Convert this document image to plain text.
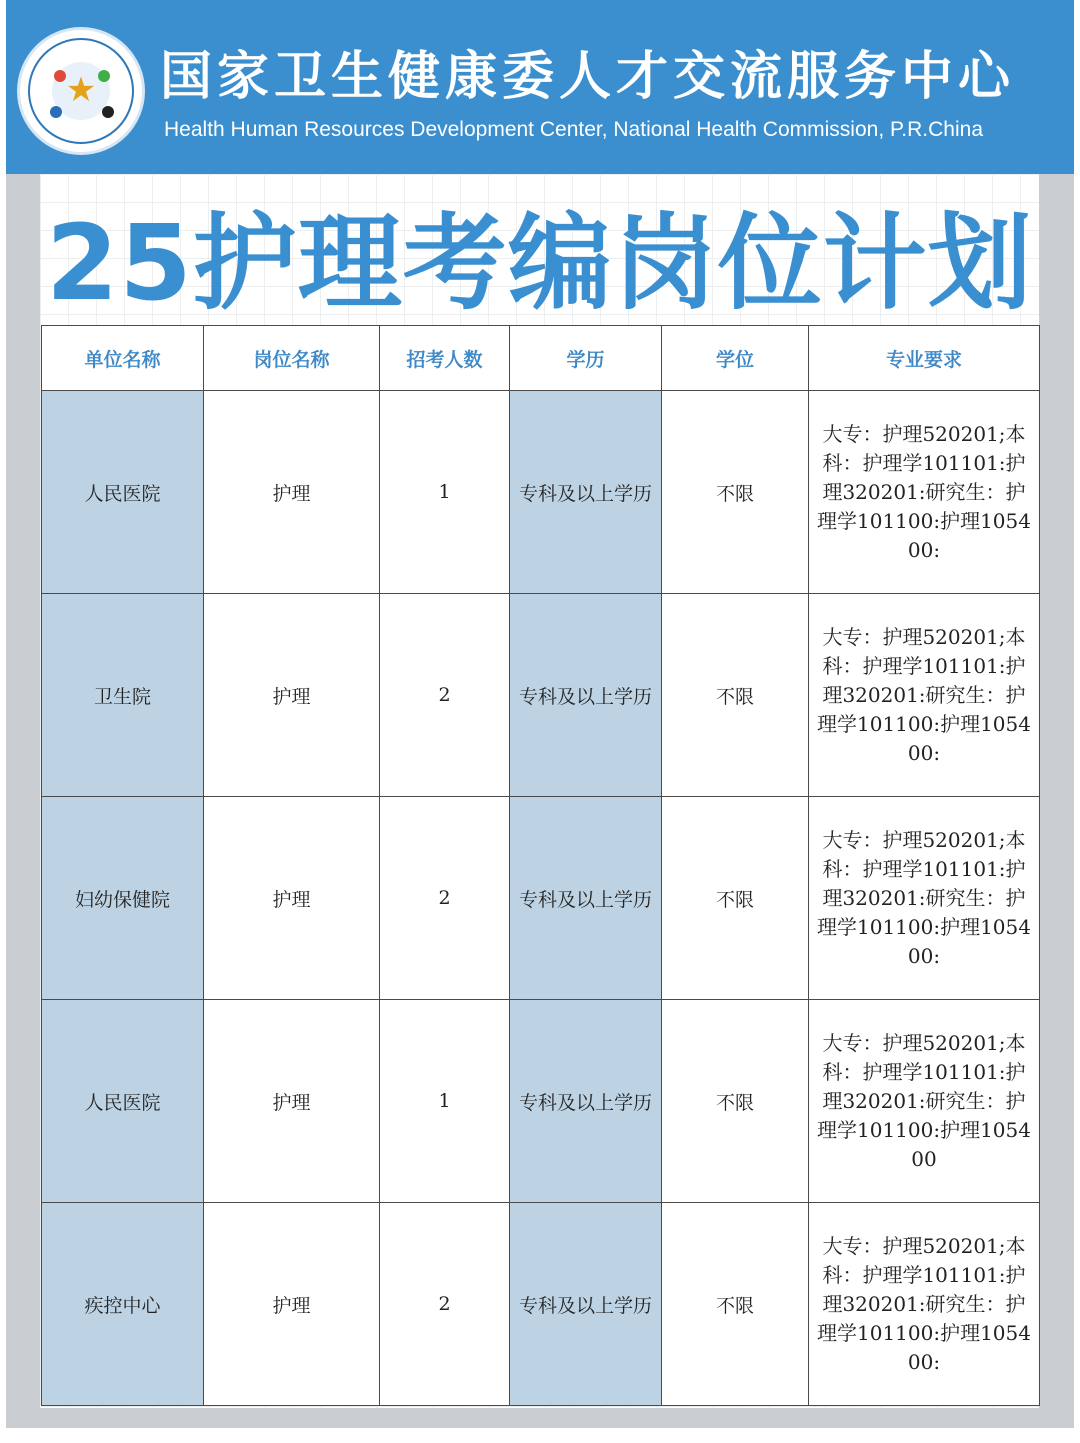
★ 国家卫生健康委人才交流服务中心
Health Human Resources Development Center, National Health Commission, P.R.China
25护理考编岗位计划
单位名称	岗位名称	招考人数	学历	学位	专业要求
人民医院	护理	1	专科及以上学历	不限	大专：护理520201;本科：护理学101101:护理320201:研究生：护理学101100:护理105400:
卫生院	护理	2	专科及以上学历	不限	大专：护理520201;本科：护理学101101:护理320201:研究生：护理学101100:护理105400:
妇幼保健院	护理	2	专科及以上学历	不限	大专：护理520201;本科：护理学101101:护理320201:研究生：护理学101100:护理105400:
人民医院	护理	1	专科及以上学历	不限	大专：护理520201;本科：护理学101101:护理320201:研究生：护理学101100:护理105400
疾控中心	护理	2	专科及以上学历	不限	大专：护理520201;本科：护理学101101:护理320201:研究生：护理学101100:护理105400:
